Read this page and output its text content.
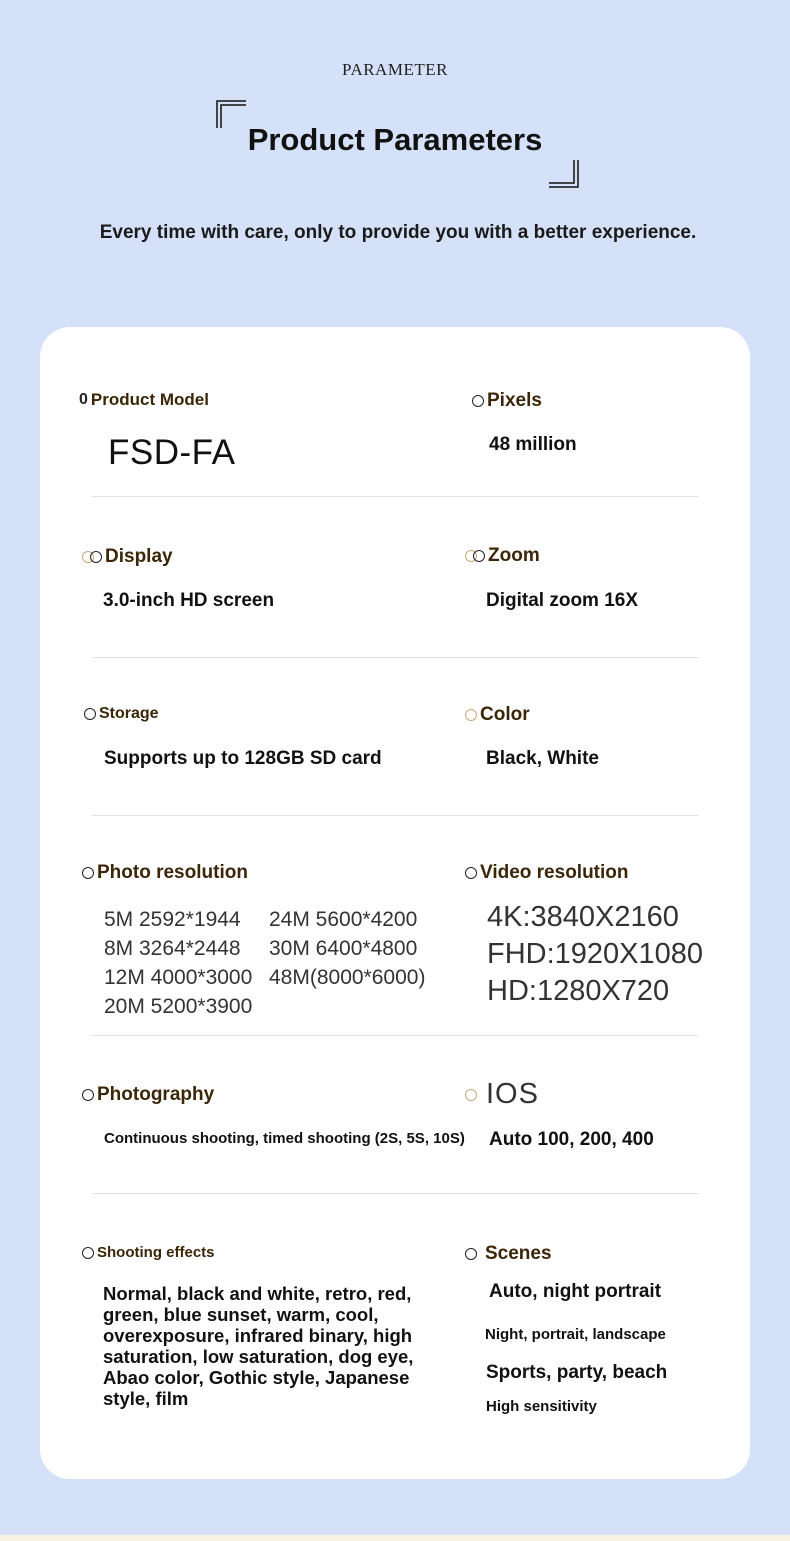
PARAMETER
Product Parameters
Every time with care, only to provide you with a better experience.
0 Product Model
FSD-FA
Pixels
48 million
Display
3.0-inch HD screen
Zoom
Digital zoom 16X
Storage
Supports up to 128GB SD card
Color
Black, White
Photo resolution
5M 2592*1944
8M 3264*2448
12M 4000*3000
20M 5200*3900
24M 5600*4200
30M 6400*4800
48M(8000*6000)
Video resolution
4K:3840X2160
FHD:1920X1080
HD:1280X720
Photography
Continuous shooting, timed shooting (2S, 5S, 10S)
IOS
Auto 100, 200, 400
Shooting effects
Normal, black and white, retro, red, green, blue sunset, warm, cool, overexposure, infrared binary, high saturation, low saturation, dog eye, Abao color, Gothic style, Japanese style, film
Scenes
Auto, night portrait
Night, portrait, landscape
Sports, party, beach
High sensitivity
